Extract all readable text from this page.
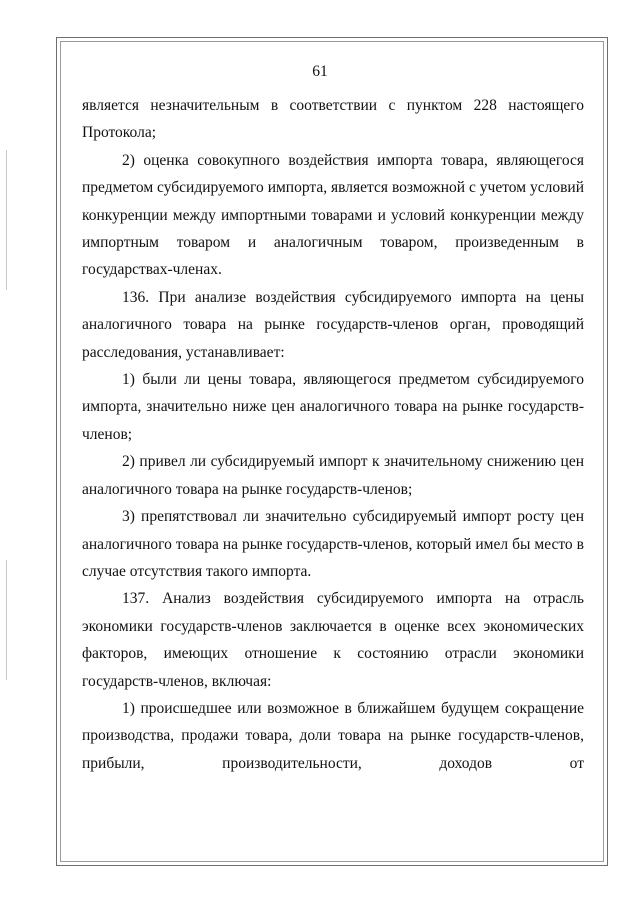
61

является незначительным в соответствии с пунктом 228 настоящего Протокола;

2) оценка совокупного воздействия импорта товара, являющегося предметом субсидируемого импорта, является возможной с учетом условий конкуренции между импортными товарами и условий конкуренции между импортным товаром и аналогичным товаром, произведенным в государствах-членах.

136. При анализе воздействия субсидируемого импорта на цены аналогичного товара на рынке государств-членов орган, проводящий расследования, устанавливает:

1) были ли цены товара, являющегося предметом субсидируемого импорта, значительно ниже цен аналогичного товара на рынке государств-членов;

2) привел ли субсидируемый импорт к значительному снижению цен аналогичного товара на рынке государств-членов;

3) препятствовал ли значительно субсидируемый импорт росту цен аналогичного товара на рынке государств-членов, который имел бы место в случае отсутствия такого импорта.

137. Анализ воздействия субсидируемого импорта на отрасль экономики государств-членов заключается в оценке всех экономических факторов, имеющих отношение к состоянию отрасли экономики государств-членов, включая:

1) происшедшее или возможное в ближайшем будущем сокращение производства, продажи товара, доли товара на рынке государств-членов, прибыли, производительности, доходов от
